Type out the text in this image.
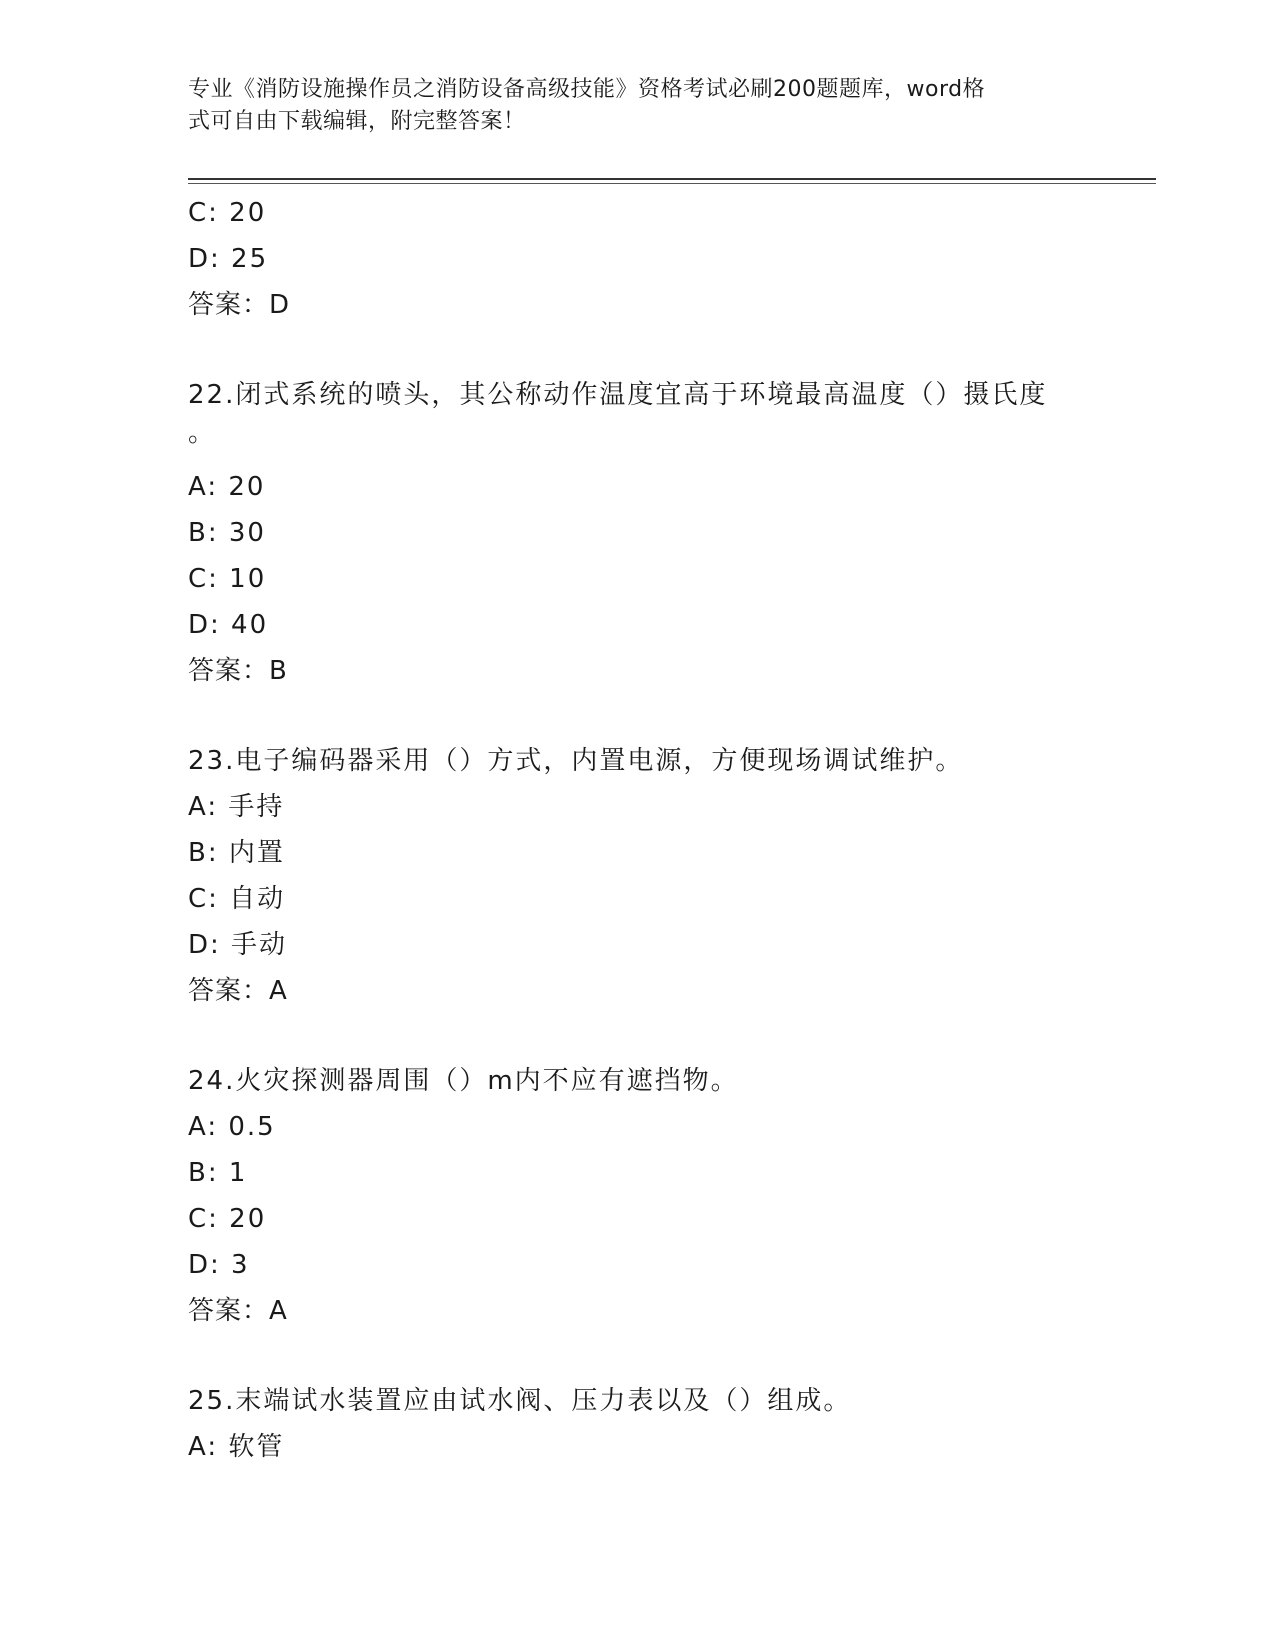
专业《消防设施操作员之消防设备高级技能》资格考试必刷200题题库，word格
式可自由下载编辑，附完整答案！
C: 20
D: 25
答案：D
22.闭式系统的喷头，其公称动作温度宜高于环境最高温度（）摄氏度
。
A: 20
B: 30
C: 10
D: 40
答案：B
23.电子编码器采用（）方式，内置电源，方便现场调试维护。
A: 手持
B: 内置
C: 自动
D: 手动
答案：A
24.火灾探测器周围（）m内不应有遮挡物。
A: 0.5
B: 1
C: 20
D: 3
答案：A
25.末端试水装置应由试水阀、压力表以及（）组成。
A: 软管
